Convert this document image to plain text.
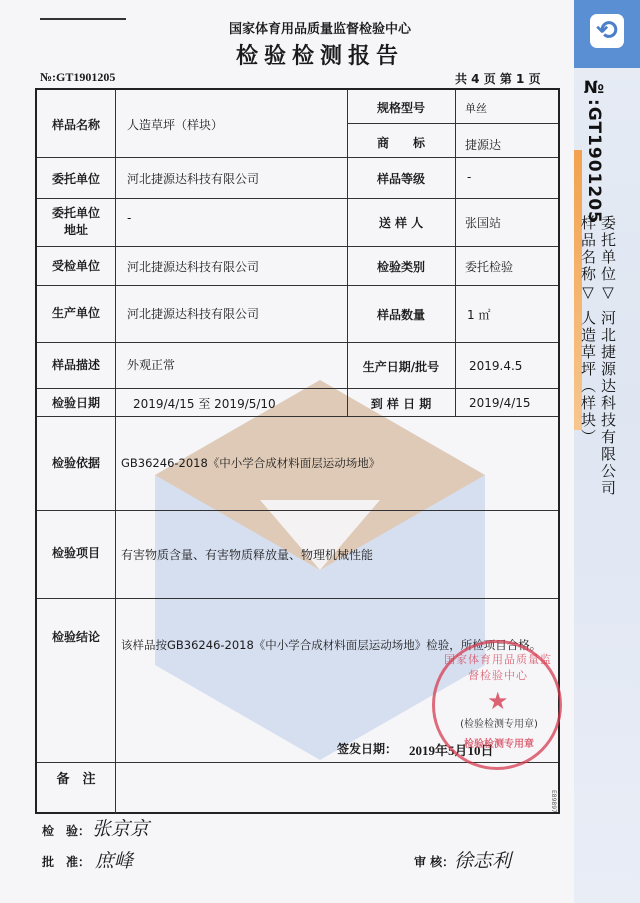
⟲
№:GT1901205
委托单位▽ 河北捷源达科技有限公司
样品名称▽ 人造草坪（样块）
国家体育用品质量监督检验中心
检验检测报告
№:GT1901205	共 4 页 第 1 页
样品名称	人造草坪（样块）
规格型号	单丝
商　　标	捷源达
委托单位	河北捷源达科技有限公司	样品等级	-
委托单位
地址
-	送 样 人	张国站
受检单位	河北捷源达科技有限公司	检验类别	委托检验
生产单位	河北捷源达科技有限公司	样品数量	1 ㎡
样品描述	外观正常	生产日期/批号	2019.4.5
检验日期	2019/4/15 至 2019/5/10	到 样 日 期	2019/4/15
检验依据	GB36246-2018《中小学合成材料面层运动场地》
检验项目	有害物质含量、有害物质释放量、物理机械性能
检验结论
该样品按GB36246-2018《中小学合成材料面层运动场地》检验，所检项目合格。
签发日期： 2019年5月10日
备　注
E89897
国家体育用品质量监督检验中心
★
(检验检测专用章)
检验检测专用章
检　验： 张京京
批　准： 庶峰	审 核： 徐志利
